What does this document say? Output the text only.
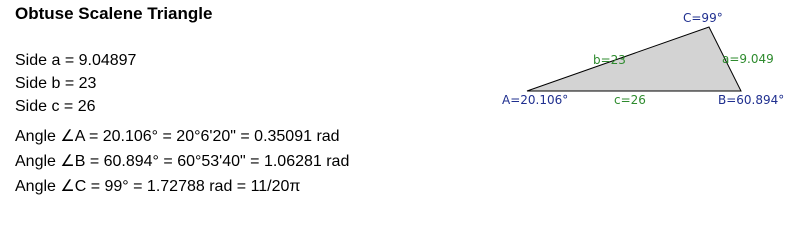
Obtuse Scalene Triangle
Side a = 9.04897
Side b = 23
Side c = 26
Angle ∠A = 20.106° = 20°6'20" = 0.35091 rad
Angle ∠B = 60.894° = 60°53'40" = 1.06281 rad
Angle ∠C = 99° = 1.72788 rad = 11/20π
C=99°
A=20.106°	B=60.894°
b=23	a=9.049
c=26
